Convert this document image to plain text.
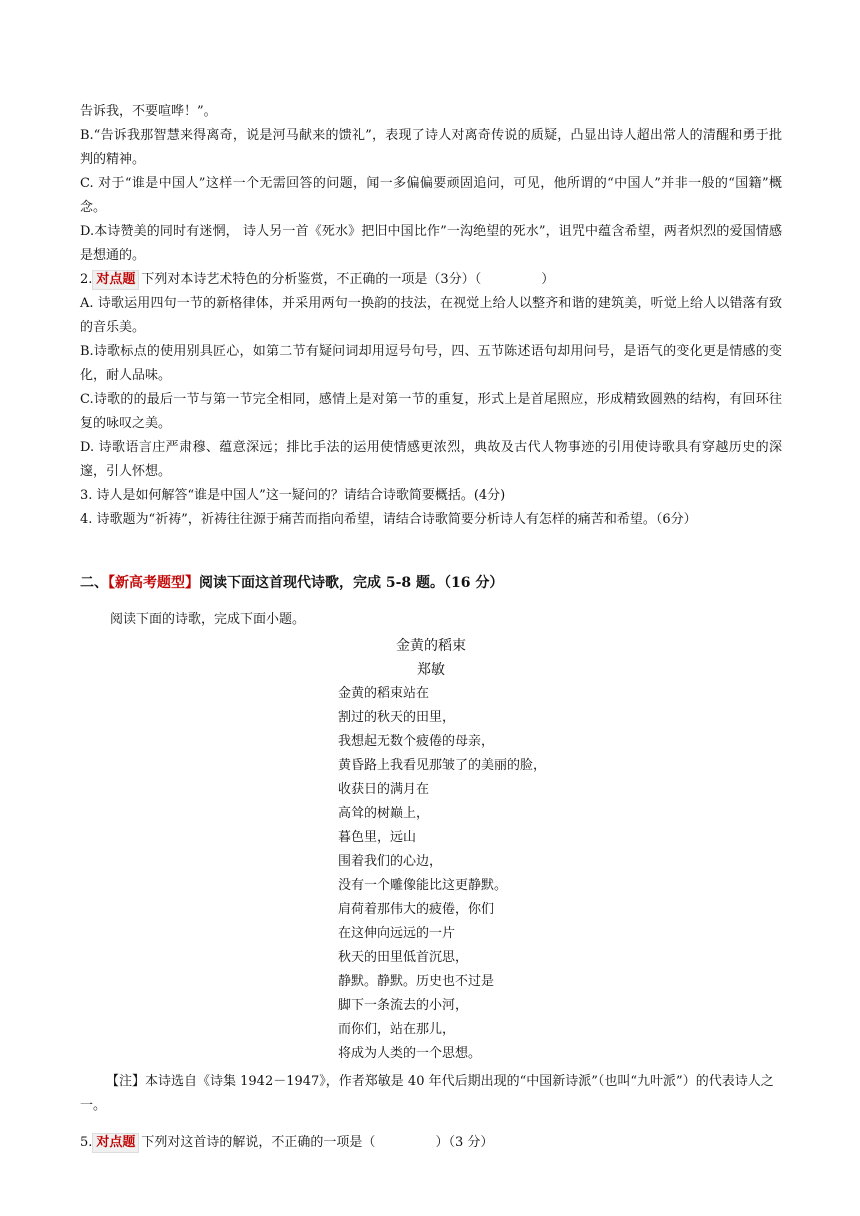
告诉我，不要喧哗！”。

B.“告诉我那智慧来得离奇，说是河马献来的馈礼”，表现了诗人对离奇传说的质疑，凸显出诗人超出常人的清醒和勇于批判的精神。

C. 对于“谁是中国人”这样一个无需回答的问题，闻一多偏偏要顽固追问，可见，他所谓的“中国人”并非一般的“国籍”概念。

D.本诗赞美的同时有迷惘， 诗人另一首《死水》把旧中国比作”一沟绝望的死水”，诅咒中蕴含希望，两者炽烈的爱国情感是想通的。

2. 对点题 下列对本诗艺术特色的分析鉴赏，不正确的一项是（3分）（	）

A. 诗歌运用四句一节的新格律体，并采用两句一换韵的技法，在视觉上给人以整齐和谐的建筑美，听觉上给人以错落有致的音乐美。

B.诗歌标点的使用别具匠心，如第二节有疑问词却用逗号句号，四、五节陈述语句却用问号，是语气的变化更是情感的变化，耐人品味。

C.诗歌的的最后一节与第一节完全相同，感情上是对第一节的重复，形式上是首尾照应，形成精致圆熟的结构，有回环往复的咏叹之美。

D. 诗歌语言庄严肃穆、蕴意深远；排比手法的运用使情感更浓烈，典故及古代人物事迹的引用使诗歌具有穿越历史的深邃，引人怀想。

3. 诗人是如何解答“谁是中国人”这一疑问的？请结合诗歌简要概括。(4分)

4. 诗歌题为“祈祷”，祈祷往往源于痛苦而指向希望，请结合诗歌简要分析诗人有怎样的痛苦和希望。（6分）

二、【新高考题型】阅读下面这首现代诗歌，完成 5-8 题。（16 分）

阅读下面的诗歌，完成下面小题。

金黄的稻束
郑敏
金黄的稻束站在
割过的秋天的田里，
我想起无数个疲倦的母亲，
黄昏路上我看见那皱了的美丽的脸，
收获日的满月在
高耸的树巅上，
暮色里，远山
围着我们的心边，
没有一个雕像能比这更静默。
肩荷着那伟大的疲倦，你们
在这伸向远远的一片
秋天的田里低首沉思，
静默。静默。历史也不过是
脚下一条流去的小河，
而你们，站在那儿，
将成为人类的一个思想。

【注】本诗选自《诗集 1942－1947》，作者郑敏是 40 年代后期出现的“中国新诗派”（也叫“九叶派”）的代表诗人之一。

5. 对点题 下列对这首诗的解说，不正确的一项是（	）（3 分）
